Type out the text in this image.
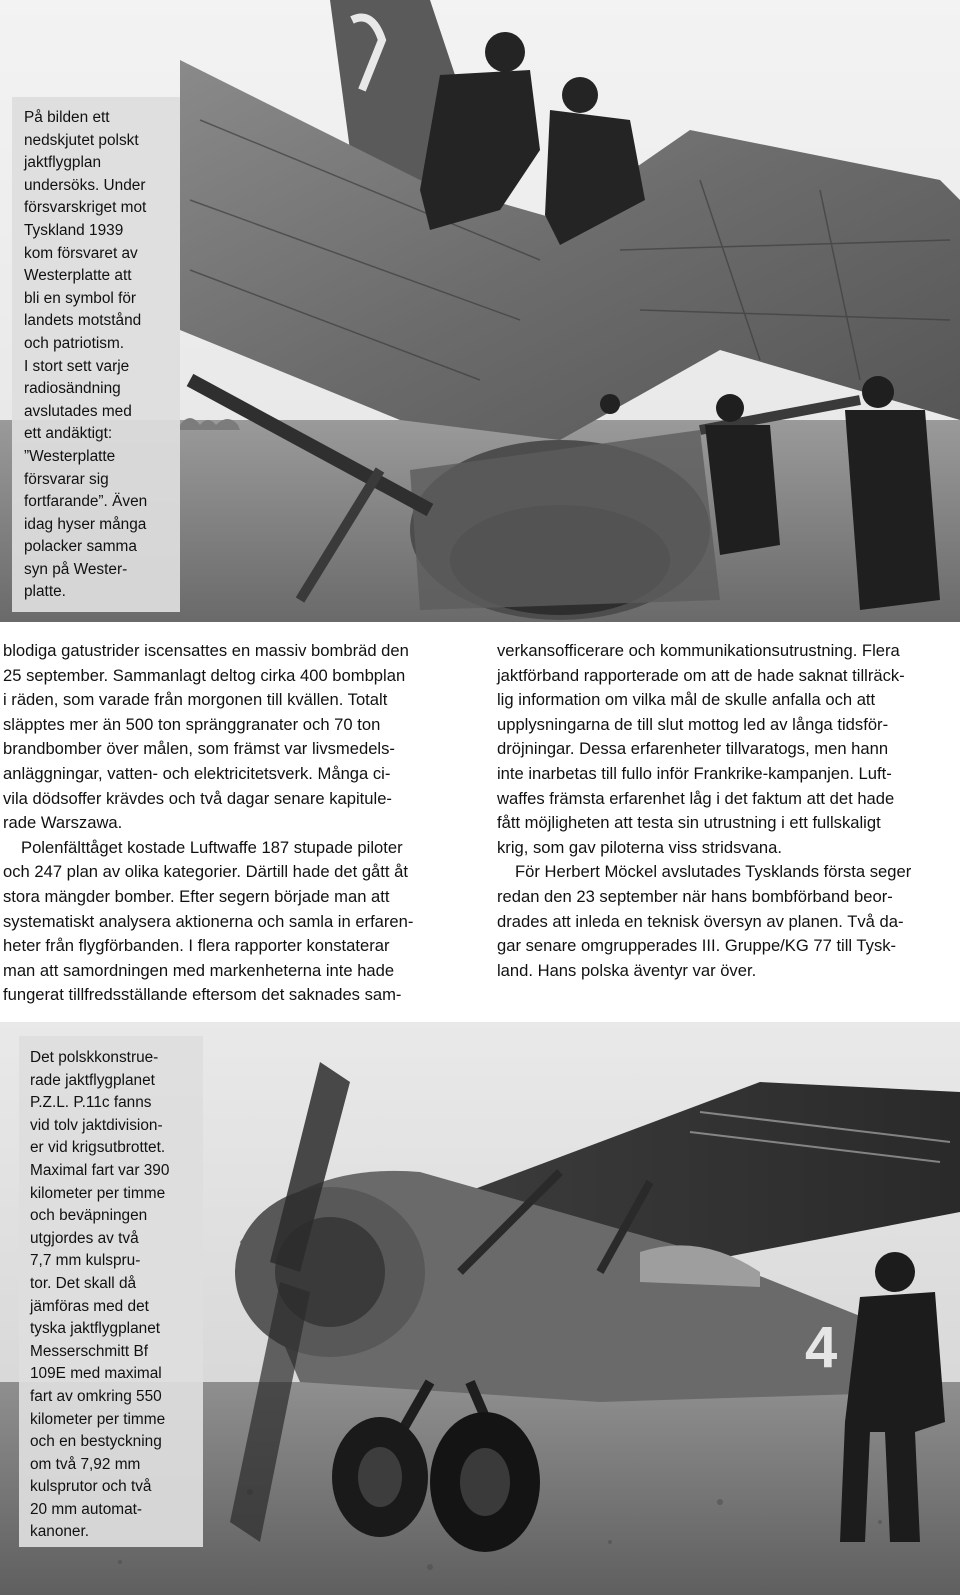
På bilden ett
nedskjutet polskt
jaktflygplan
undersöks. Under
försvarskriget mot
Tyskland 1939
kom försvaret av
Westerplatte att
bli en symbol för
landets motstånd
och patriotism.
I stort sett varje
radiosändning
avslutades med
ett andäktigt:
”Westerplatte
försvarar sig
fortfarande”. Även
idag hyser många
polacker samma
syn på Wester-
platte.

blodiga gatustrider iscensattes en massiv bombräd den
25 september. Sammanlagt deltog cirka 400 bombplan
i räden, som varade från morgonen till kvällen. Totalt
släpptes mer än 500 ton spränggranater och 70 ton
brandbomber över målen, som främst var livsmedels-
anläggningar, vatten- och elektricitetsverk. Många ci-
vila dödsoffer krävdes och två dagar senare kapitule-
rade Warszawa.

Polenfälttåget kostade Luftwaffe 187 stupade piloter
och 247 plan av olika kategorier. Därtill hade det gått åt
stora mängder bomber. Efter segern började man att
systematiskt analysera aktionerna och samla in erfaren-
heter från flygförbanden. I flera rapporter konstaterar
man att samordningen med markenheterna inte hade
fungerat tillfredsställande eftersom det saknades sam-

verkansofficerare och kommunikationsutrustning. Flera
jaktförband rapporterade om att de hade saknat tillräck-
lig information om vilka mål de skulle anfalla och att
upplysningarna de till slut mottog led av långa tidsför-
dröjningar. Dessa erfarenheter tillvaratogs, men hann
inte inarbetas till fullo inför Frankrike-kampanjen. Luft-
waffes främsta erfarenhet låg i det faktum att det hade
fått möjligheten att testa sin utrustning i ett fullskaligt
krig, som gav piloterna viss stridsvana.

För Herbert Möckel avslutades Tysklands första seger
redan den 23 september när hans bombförband beor-
drades att inleda en teknisk översyn av planen. Två da-
gar senare omgrupperades III. Gruppe/KG 77 till Tysk-
land. Hans polska äventyr var över.

4
Det polskkonstrue-
rade jaktflygplanet
P.Z.L. P.11c fanns
vid tolv jaktdivision-
er vid krigsutbrottet.
Maximal fart var 390
kilometer per timme
och beväpningen
utgjordes av två
7,7 mm kulspru-
tor. Det skall då
jämföras med det
tyska jaktflygplanet
Messerschmitt Bf
109E med maximal
fart av omkring 550
kilometer per timme
och en bestyckning
om två 7,92 mm
kulsprutor och två
20 mm automat-
kanoner.
